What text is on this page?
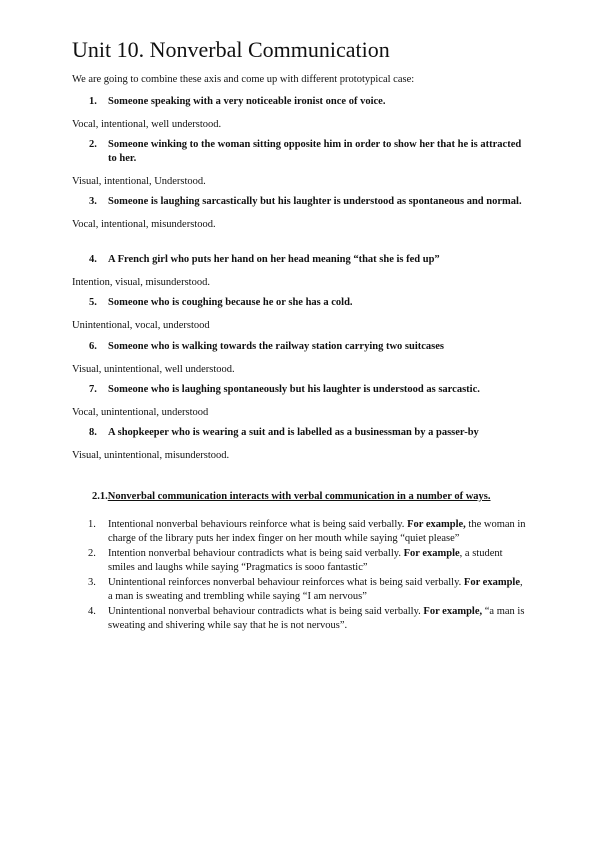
Unit 10. Nonverbal Communication
We are going to combine these axis and come up with different prototypical case:
1. Someone speaking with a very noticeable ironist once of voice.
Vocal, intentional, well understood.
2. Someone winking to the woman sitting opposite him in order to show her that he is attracted to her.
Visual, intentional, Understood.
3. Someone is laughing sarcastically but his laughter is understood as spontaneous and normal.
Vocal, intentional, misunderstood.
4. A French girl who puts her hand on her head meaning “that she is fed up”
Intention, visual, misunderstood.
5. Someone who is coughing because he or she has a cold.
Unintentional, vocal, understood
6. Someone who is walking towards the railway station carrying two suitcases
Visual, unintentional, well understood.
7. Someone who is laughing spontaneously but his laughter is understood as sarcastic.
Vocal, unintentional, understood
8. A shopkeeper who is wearing a suit and is labelled as a businessman by a passer-by
Visual, unintentional, misunderstood.
2.1.Nonverbal communication interacts with verbal communication in a number of ways.
1. Intentional nonverbal behaviours reinforce what is being said verbally. For example, the woman in charge of the library puts her index finger on her mouth while saying “quiet please”
2. Intention nonverbal behaviour contradicts what is being said verbally. For example, a student smiles and laughs while saying “Pragmatics is sooo fantastic”
3. Unintentional reinforces nonverbal behaviour reinforces what is being said verbally. For example, a man is sweating and trembling while saying “I am nervous”
4. Unintentional nonverbal behaviour contradicts what is being said verbally. For example, “a man is sweating and shivering while say that he is not nervous”.
